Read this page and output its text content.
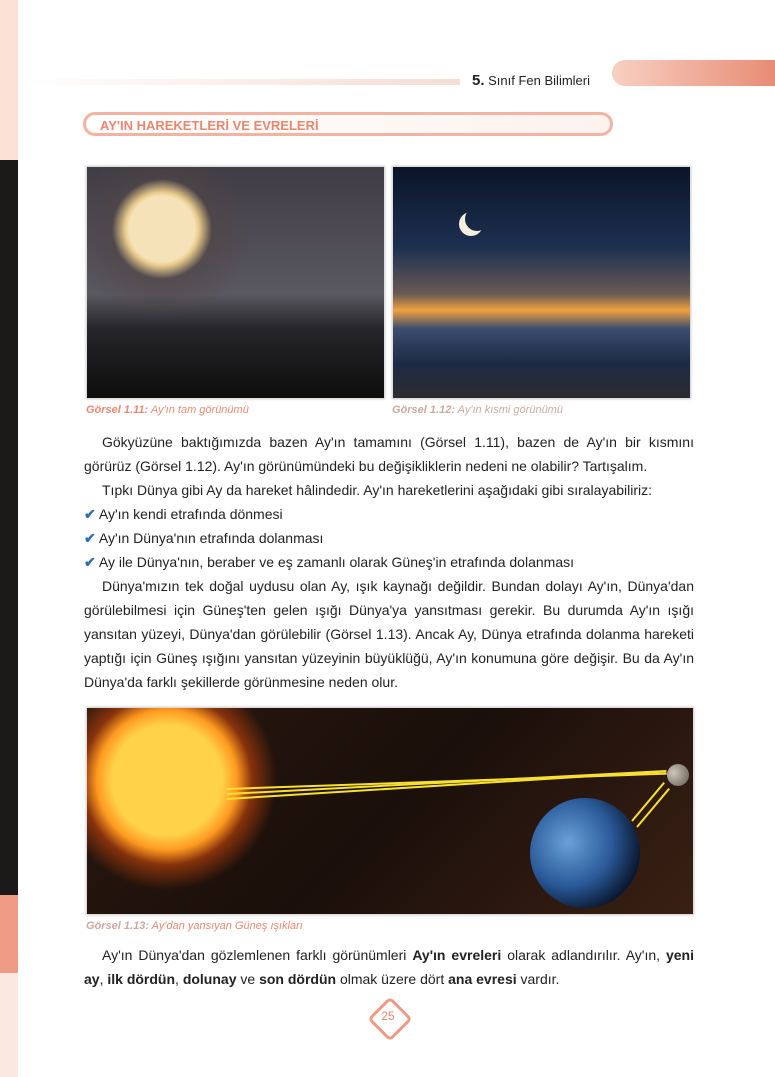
5. Sınıf Fen Bilimleri
AY'IN HAREKETLERİ VE EVRELERİ
Görsel 1.11: Ay'ın tam görünümü	Görsel 1.12: Ay'ın kısmi görünümü

Gökyüzüne baktığımızda bazen Ay'ın tamamını (Görsel 1.11), bazen de Ay'ın bir kısmını görürüz (Görsel 1.12). Ay'ın görünümündeki bu değişikliklerin nedeni ne olabilir? Tartışalım.

Tıpkı Dünya gibi Ay da hareket hâlindedir. Ay'ın hareketlerini aşağıdaki gibi sıralayabiliriz:

✔ Ay'ın kendi etrafında dönmesi

✔ Ay'ın Dünya'nın etrafında dolanması

✔ Ay ile Dünya'nın, beraber ve eş zamanlı olarak Güneş'in etrafında dolanması

Dünya'mızın tek doğal uydusu olan Ay, ışık kaynağı değildir. Bundan dolayı Ay'ın, Dünya'dan görülebilmesi için Güneş'ten gelen ışığı Dünya'ya yansıtması gerekir. Bu durumda Ay'ın ışığı yansıtan yüzeyi, Dünya'dan görülebilir (Görsel 1.13). Ancak Ay, Dünya etrafında dolanma hareketi yaptığı için Güneş ışığını yansıtan yüzeyinin büyüklüğü, Ay'ın konumuna göre değişir. Bu da Ay'ın Dünya'da farklı şekillerde görünmesine neden olur.

Görsel 1.13: Ay'dan yansıyan Güneş ışıkları

Ay'ın Dünya'dan gözlemlenen farklı görünümleri Ay'ın evreleri olarak adlandırılır. Ay'ın, yeni ay, ilk dördün, dolunay ve son dördün olmak üzere dört ana evresi vardır.

25
